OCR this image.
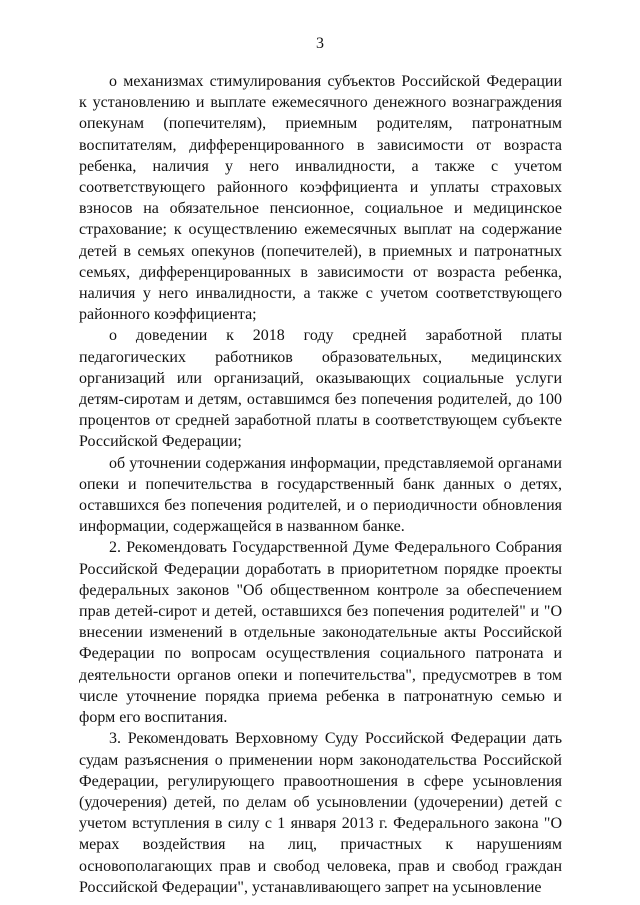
3

о механизмах стимулирования субъектов Российской Федерации к установлению и выплате ежемесячного денежного вознаграждения опекунам (попечителям), приемным родителям, патронатным воспитателям, дифференцированного в зависимости от возраста ребенка, наличия у него инвалидности, а также с учетом соответствующего районного коэффициента и уплаты страховых взносов на обязательное пенсионное, социальное и медицинское страхование; к осуществлению ежемесячных выплат на содержание детей в семьях опекунов (попечителей), в приемных и патронатных семьях, дифференцированных в зависимости от возраста ребенка, наличия у него инвалидности, а также с учетом соответствующего районного коэффициента;

о доведении к 2018 году средней заработной платы педагогических работников образовательных, медицинских организаций или организаций, оказывающих социальные услуги детям-сиротам и детям, оставшимся без попечения родителей, до 100 процентов от средней заработной платы в соответствующем субъекте Российской Федерации;

об уточнении содержания информации, представляемой органами опеки и попечительства в государственный банк данных о детях, оставшихся без попечения родителей, и о периодичности обновления информации, содержащейся в названном банке.

2. Рекомендовать Государственной Думе Федерального Собрания Российской Федерации доработать в приоритетном порядке проекты федеральных законов "Об общественном контроле за обеспечением прав детей-сирот и детей, оставшихся без попечения родителей" и "О внесении изменений в отдельные законодательные акты Российской Федерации по вопросам осуществления социального патроната и деятельности органов опеки и попечительства", предусмотрев в том числе уточнение порядка приема ребенка в патронатную семью и форм его воспитания.

3. Рекомендовать Верховному Суду Российской Федерации дать судам разъяснения о применении норм законодательства Российской Федерации, регулирующего правоотношения в сфере усыновления (удочерения) детей, по делам об усыновлении (удочерении) детей с учетом вступления в силу с 1 января 2013 г. Федерального закона "О мерах воздействия на лиц, причастных к нарушениям основополагающих прав и свобод человека, прав и свобод граждан Российской Федерации", устанавливающего запрет на усыновление
